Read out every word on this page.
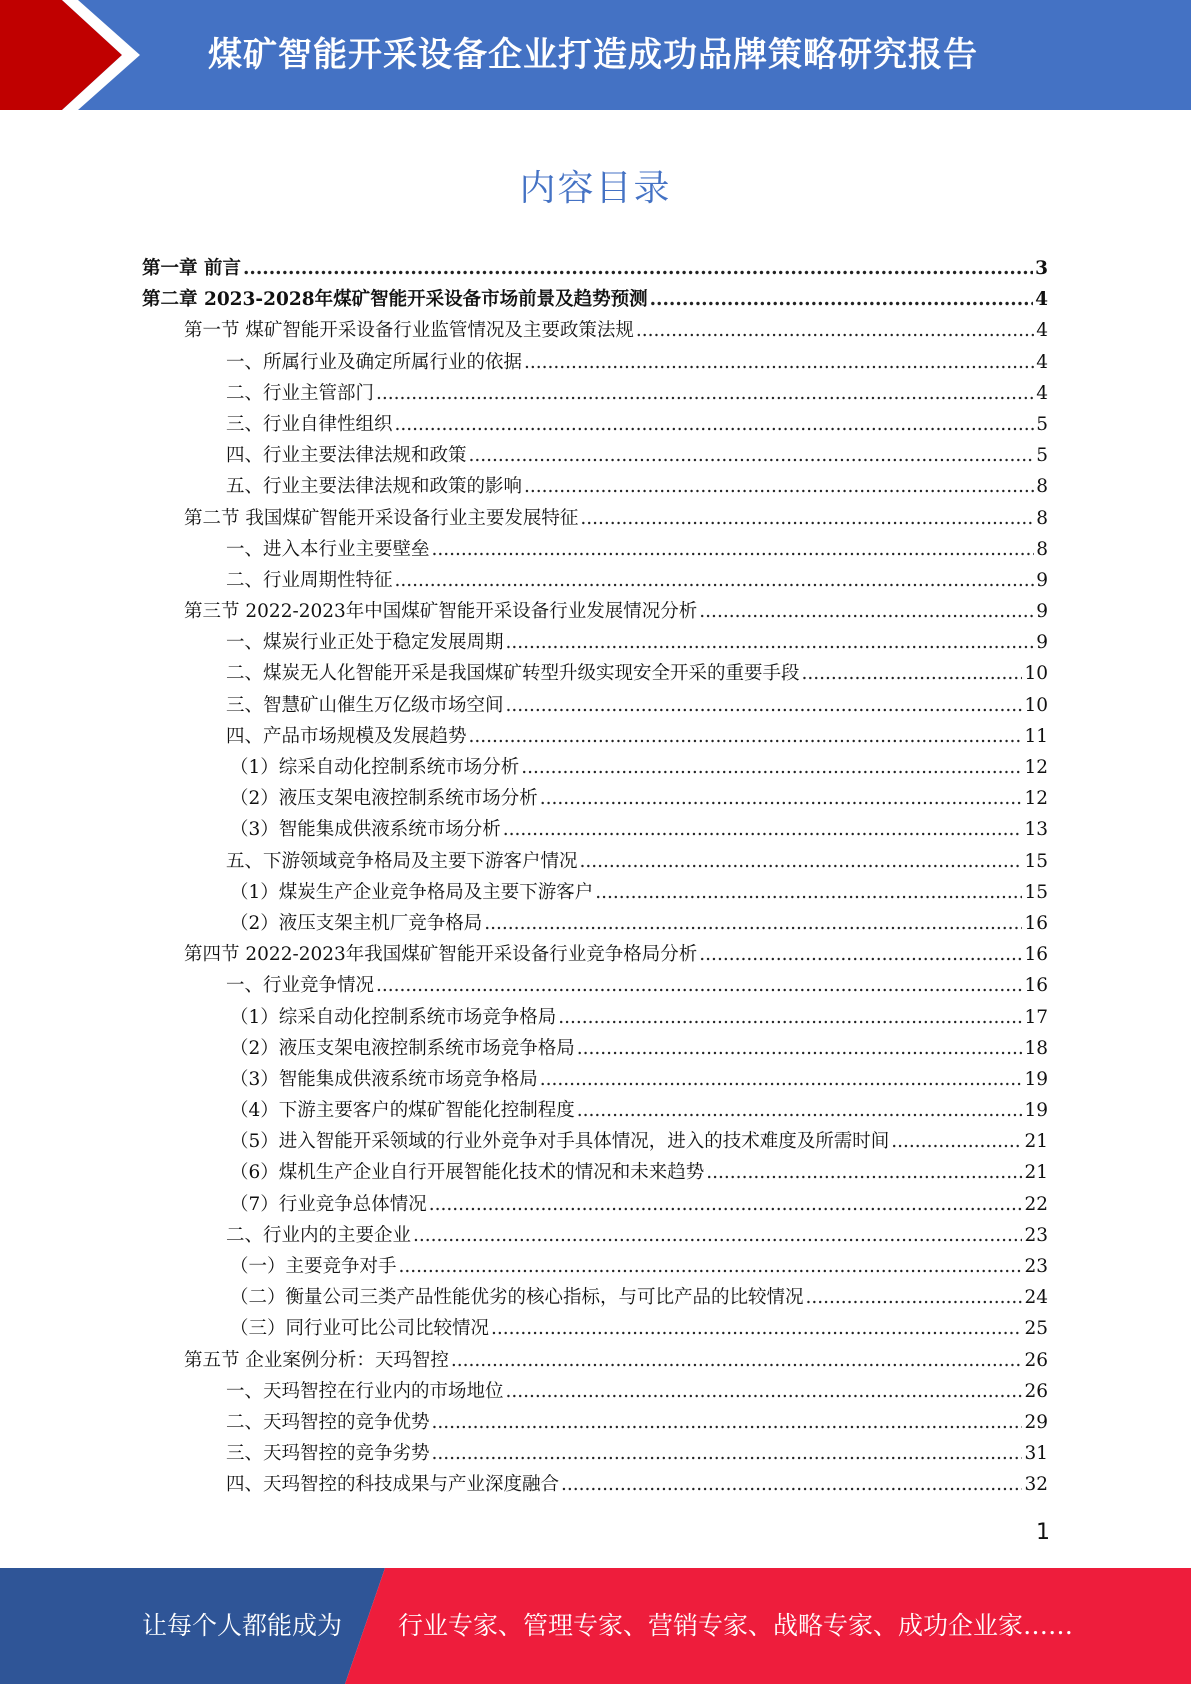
煤矿智能开采设备企业打造成功品牌策略研究报告
内容目录
第一章 前言 .....	3
第二章 2023-2028年煤矿智能开采设备市场前景及趋势预测 .....	4
第一节 煤矿智能开采设备行业监管情况及主要政策法规 .....	4
一、所属行业及确定所属行业的依据 .....	4
二、行业主管部门 .....	4
三、行业自律性组织 .....	5
四、行业主要法律法规和政策 .....	5
五、行业主要法律法规和政策的影响 .....	8
第二节 我国煤矿智能开采设备行业主要发展特征 .....	8
一、进入本行业主要壁垒 .....	8
二、行业周期性特征 .....	9
第三节 2022-2023年中国煤矿智能开采设备行业发展情况分析 .....	9
一、煤炭行业正处于稳定发展周期 .....	9
二、煤炭无人化智能开采是我国煤矿转型升级实现安全开采的重要手段 .....	10
三、智慧矿山催生万亿级市场空间 .....	10
四、产品市场规模及发展趋势 .....	11
（1）综采自动化控制系统市场分析 .....	12
（2）液压支架电液控制系统市场分析 .....	12
（3）智能集成供液系统市场分析 .....	13
五、下游领域竞争格局及主要下游客户情况 .....	15
（1）煤炭生产企业竞争格局及主要下游客户 .....	15
（2）液压支架主机厂竞争格局 .....	16
第四节 2022-2023年我国煤矿智能开采设备行业竞争格局分析 .....	16
一、行业竞争情况 .....	16
（1）综采自动化控制系统市场竞争格局 .....	17
（2）液压支架电液控制系统市场竞争格局 .....	18
（3）智能集成供液系统市场竞争格局 .....	19
（4）下游主要客户的煤矿智能化控制程度 .....	19
（5）进入智能开采领域的行业外竞争对手具体情况，进入的技术难度及所需时间 .....	21
（6）煤机生产企业自行开展智能化技术的情况和未来趋势 .....	21
（7）行业竞争总体情况 .....	22
二、行业内的主要企业 .....	23
（一）主要竞争对手 .....	23
（二）衡量公司三类产品性能优劣的核心指标，与可比产品的比较情况 .....	24
（三）同行业可比公司比较情况 .....	25
第五节 企业案例分析：天玛智控 .....	26
一、天玛智控在行业内的市场地位 .....	26
二、天玛智控的竞争优势 .....	29
三、天玛智控的竞争劣势 .....	31
四、天玛智控的科技成果与产业深度融合 .....	32
1
让每个人都能成为 行业专家、管理专家、营销专家、战略专家、成功企业家……
